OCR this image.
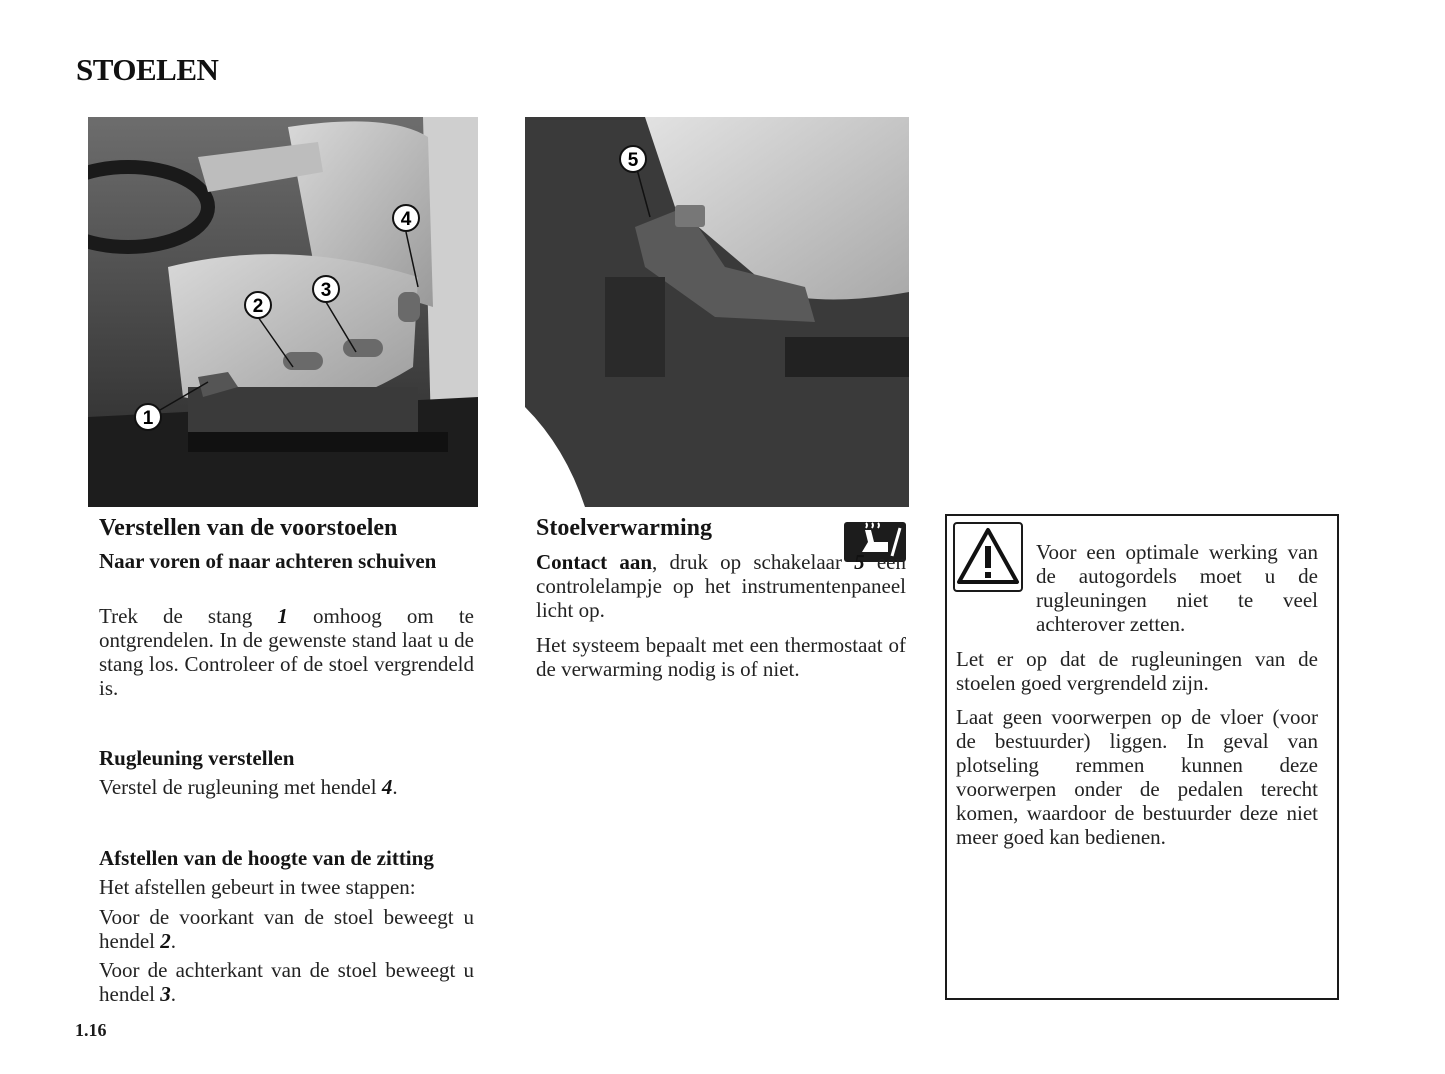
STOELEN
1
2
3
4
5
Verstellen van de voorstoelen
Naar voren of naar achteren schuiven
Trek de stang 1 omhoog om te ontgrendelen. In de gewenste stand laat u de stang los. Controleer of de stoel vergrendeld is.
Rugleuning verstellen
Verstel de rugleuning met hendel 4.
Afstellen van de hoogte van de zitting
Het afstellen gebeurt in twee stappen:
Voor de voorkant van de stoel beweegt u hendel 2.
Voor de achterkant van de stoel beweegt u hendel 3.
Stoelverwarming
Contact aan, druk op schakelaar 5 een controlelampje op het instrumentenpaneel licht op.
Het systeem bepaalt met een thermostaat of de verwarming nodig is of niet.
Voor een optimale werking van de autogordels moet u de rugleuningen niet te veel achterover zetten.
Let er op dat de rugleuningen van de stoelen goed vergrendeld zijn.
Laat geen voorwerpen op de vloer (voor de bestuurder) liggen. In geval van plotseling remmen kunnen deze voorwerpen onder de pedalen terecht komen, waardoor de bestuurder deze niet meer goed kan bedienen.
1.16
